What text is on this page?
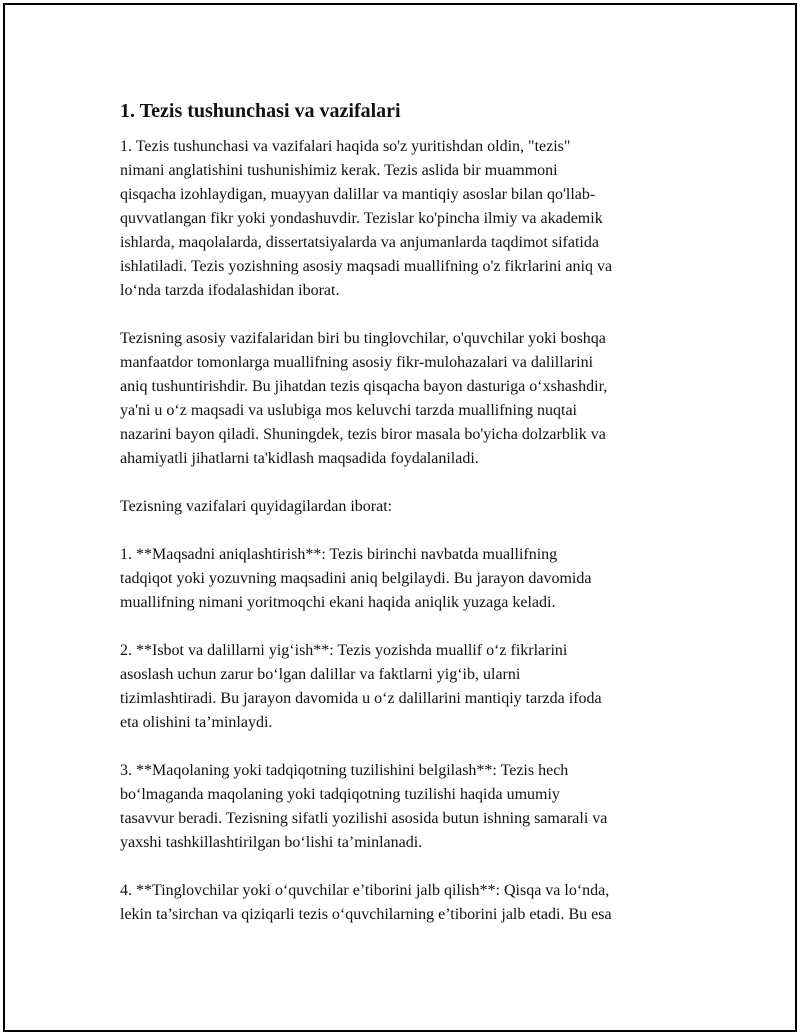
1. Tezis tushunchasi va vazifalari

1. Tezis tushunchasi va vazifalari haqida so'z yuritishdan oldin, "tezis"
nimani anglatishini tushunishimiz kerak. Tezis aslida bir muammoni
qisqacha izohlaydigan, muayyan dalillar va mantiqiy asoslar bilan qo'llab-
quvvatlangan fikr yoki yondashuvdir. Tezislar ko'pincha ilmiy va akademik
ishlarda, maqolalarda, dissertatsiyalarda va anjumanlarda taqdimot sifatida
ishlatiladi. Tezis yozishning asosiy maqsadi muallifning o'z fikrlarini aniq va
lo‘nda tarzda ifodalashidan iborat.

Tezisning asosiy vazifalaridan biri bu tinglovchilar, o'quvchilar yoki boshqa
manfaatdor tomonlarga muallifning asosiy fikr-mulohazalari va dalillarini
aniq tushuntirishdir. Bu jihatdan tezis qisqacha bayon dasturiga o‘xshashdir,
ya'ni u o‘z maqsadi va uslubiga mos keluvchi tarzda muallifning nuqtai
nazarini bayon qiladi. Shuningdek, tezis biror masala bo'yicha dolzarblik va
ahamiyatli jihatlarni ta'kidlash maqsadida foydalaniladi.

Tezisning vazifalari quyidagilardan iborat:

1. **Maqsadni aniqlashtirish**: Tezis birinchi navbatda muallifning
tadqiqot yoki yozuvning maqsadini aniq belgilaydi. Bu jarayon davomida
muallifning nimani yoritmoqchi ekani haqida aniqlik yuzaga keladi.

2. **Isbot va dalillarni yig‘ish**: Tezis yozishda muallif o‘z fikrlarini
asoslash uchun zarur bo‘lgan dalillar va faktlarni yig‘ib, ularni
tizimlashtiradi. Bu jarayon davomida u o‘z dalillarini mantiqiy tarzda ifoda
eta olishini ta’minlaydi.

3. **Maqolaning yoki tadqiqotning tuzilishini belgilash**: Tezis hech
bo‘lmaganda maqolaning yoki tadqiqotning tuzilishi haqida umumiy
tasavvur beradi. Tezisning sifatli yozilishi asosida butun ishning samarali va
yaxshi tashkillashtirilgan bo‘lishi ta’minlanadi.

4. **Tinglovchilar yoki o‘quvchilar e’tiborini jalb qilish**: Qisqa va lo‘nda,
lekin ta’sirchan va qiziqarli tezis o‘quvchilarning e’tiborini jalb etadi. Bu esa
